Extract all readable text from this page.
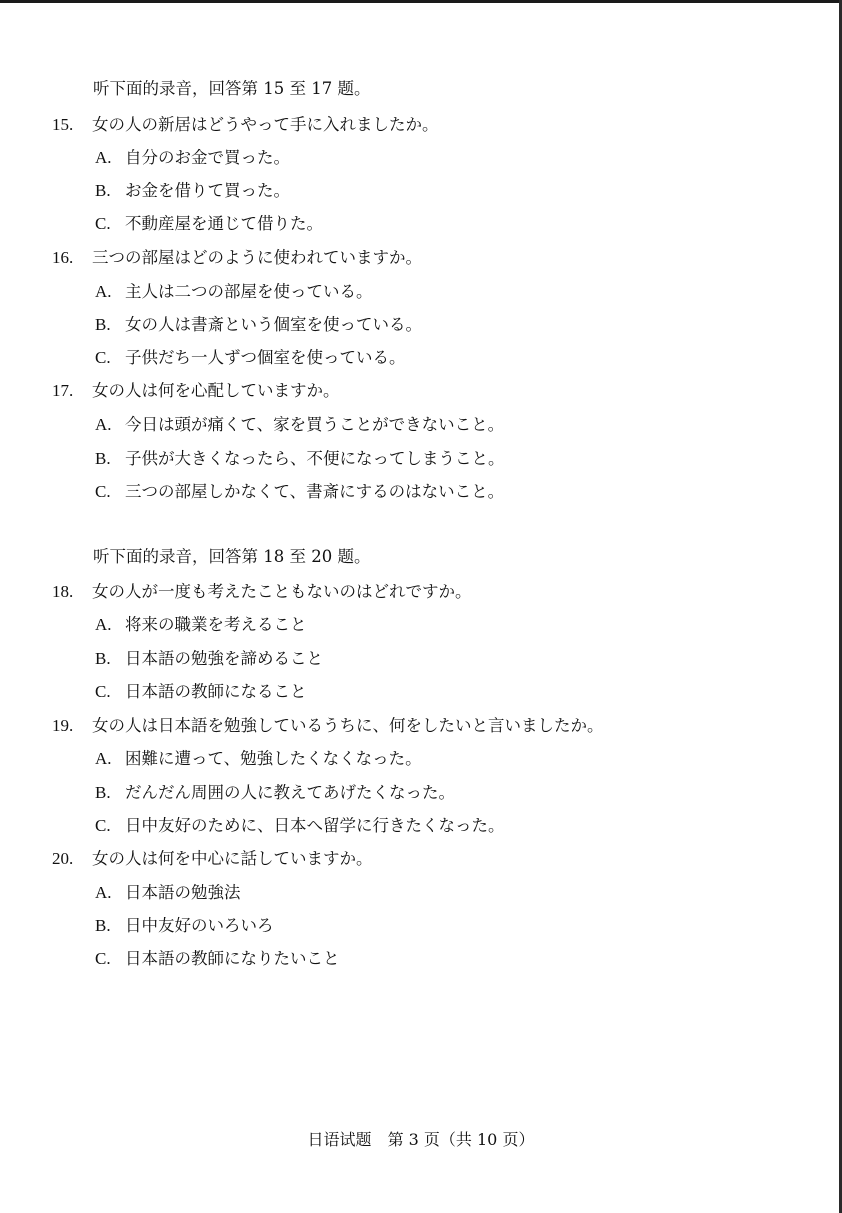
听下面的录音，回答第 15 至 17 题。
15. 女の人の新居はどうやって手に入れましたか。
A. 自分のお金で買った。
B. お金を借りて買った。
C. 不動産屋を通じて借りた。
16. 三つの部屋はどのように使われていますか。
A. 主人は二つの部屋を使っている。
B. 女の人は書斎という個室を使っている。
C. 子供だち一人ずつ個室を使っている。
17. 女の人は何を心配していますか。
A. 今日は頭が痛くて、家を買うことができないこと。
B. 子供が大きくなったら、不便になってしまうこと。
C. 三つの部屋しかなくて、書斎にするのはないこと。
听下面的录音，回答第 18 至 20 题。
18. 女の人が一度も考えたこともないのはどれですか。
A. 将来の職業を考えること
B. 日本語の勉強を諦めること
C. 日本語の教師になること
19. 女の人は日本語を勉強しているうちに、何をしたいと言いましたか。
A. 困難に遭って、勉強したくなくなった。
B. だんだん周囲の人に教えてあげたくなった。
C. 日中友好のために、日本へ留学に行きたくなった。
20. 女の人は何を中心に話していますか。
A. 日本語の勉強法
B. 日中友好のいろいろ
C. 日本語の教師になりたいこと
日语试题 第 3 页（共 10 页）
